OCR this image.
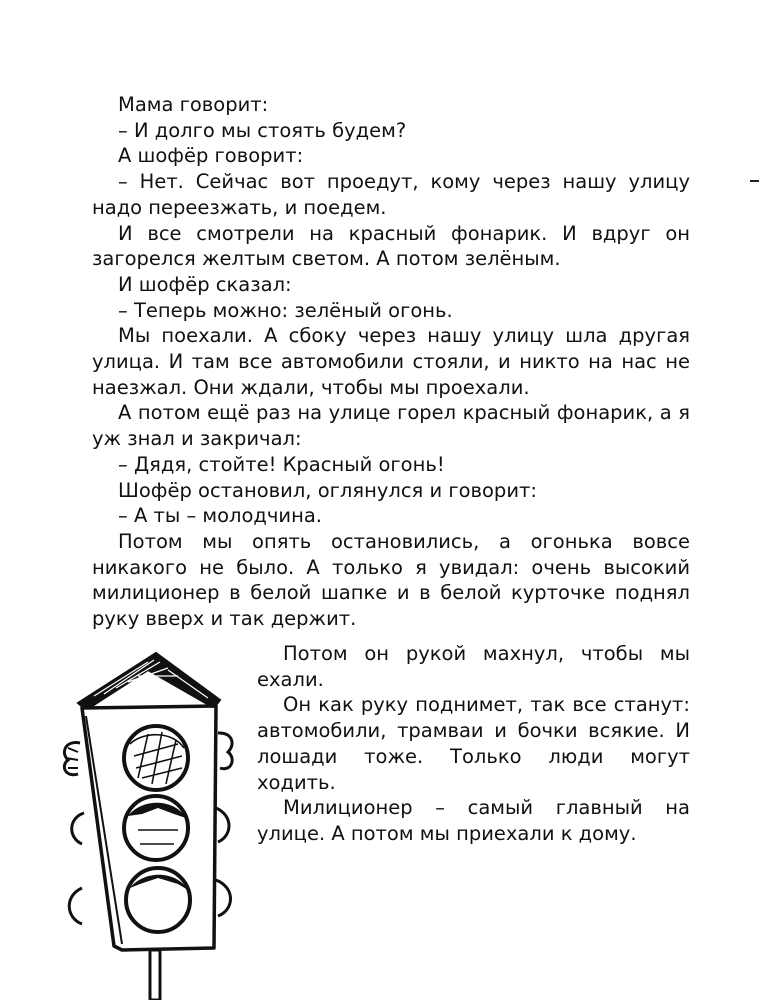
Мама говорит:

– И долго мы стоять будем?

А шофёр говорит:

– Нет. Сейчас вот проедут, кому через нашу улицу надо переезжать, и поедем.

И все смотрели на красный фонарик. И вдруг он загорелся желтым светом. А потом зелёным.

И шофёр сказал:

– Теперь можно: зелёный огонь.

Мы поехали. А сбоку через нашу улицу шла другая улица. И там все автомобили стояли, и никто на нас не наезжал. Они ждали, чтобы мы проехали.

А потом ещё раз на улице горел красный фонарик, а я уж знал и закричал:

– Дядя, стойте! Красный огонь!

Шофёр остановил, оглянулся и говорит:

– А ты – молодчина.

Потом мы опять остановились, а огонька вовсе никакого не было. А только я увидал: очень высокий милиционер в белой шапке и в белой курточке поднял руку вверх и так держит.

Потом он рукой махнул, чтобы мы ехали.

Он как руку поднимет, так все станут: автомобили, трамваи и бочки всякие. И лошади тоже. Только люди могут ходить.

Милиционер – самый главный на улице. А потом мы приехали к дому.
